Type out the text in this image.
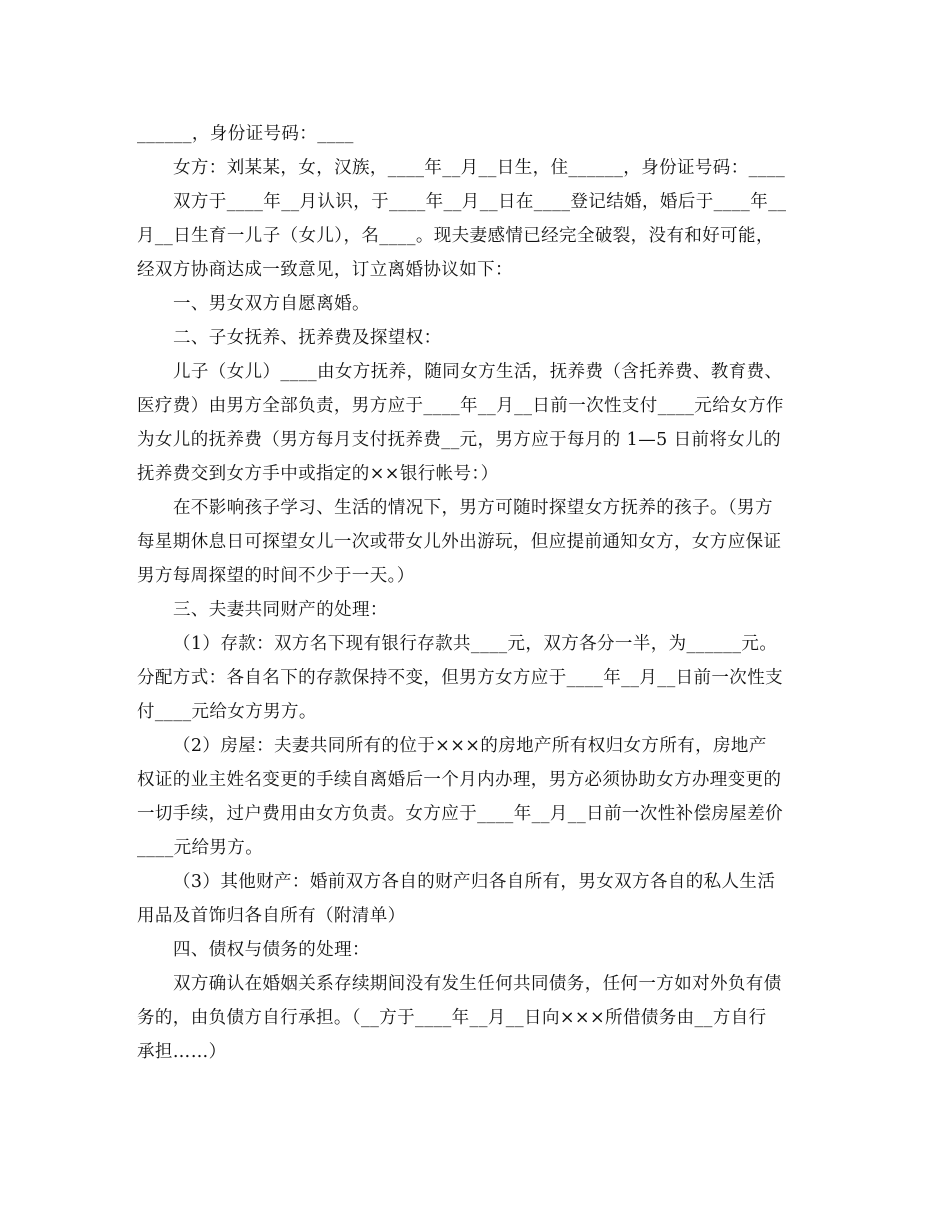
______，身份证号码：____
女方：刘某某，女，汉族，____年__月__日生，住______，身份证号码：____
双方于____年__月认识，于____年__月__日在____登记结婚，婚后于____年__
月__日生育一儿子（女儿），名____。现夫妻感情已经完全破裂，没有和好可能，
经双方协商达成一致意见，订立离婚协议如下：
一、男女双方自愿离婚。
二、子女抚养、抚养费及探望权：
儿子（女儿）____由女方抚养，随同女方生活，抚养费（含托养费、教育费、
医疗费）由男方全部负责，男方应于____年__月__日前一次性支付____元给女方作
为女儿的抚养费（男方每月支付抚养费__元，男方应于每月的 1—5 日前将女儿的
抚养费交到女方手中或指定的××银行帐号：）
在不影响孩子学习、生活的情况下，男方可随时探望女方抚养的孩子。（男方
每星期休息日可探望女儿一次或带女儿外出游玩，但应提前通知女方，女方应保证
男方每周探望的时间不少于一天。）
三、夫妻共同财产的处理：
（1）存款：双方名下现有银行存款共____元，双方各分一半，为______元。
分配方式：各自名下的存款保持不变，但男方女方应于____年__月__日前一次性支
付____元给女方男方。
（2）房屋：夫妻共同所有的位于×××的房地产所有权归女方所有，房地产
权证的业主姓名变更的手续自离婚后一个月内办理，男方必须协助女方办理变更的
一切手续，过户费用由女方负责。女方应于____年__月__日前一次性补偿房屋差价
____元给男方。
（3）其他财产：婚前双方各自的财产归各自所有，男女双方各自的私人生活
用品及首饰归各自所有（附清单）
四、债权与债务的处理：
双方确认在婚姻关系存续期间没有发生任何共同债务，任何一方如对外负有债
务的，由负债方自行承担。（__方于____年__月__日向×××所借债务由__方自行
承担……）
